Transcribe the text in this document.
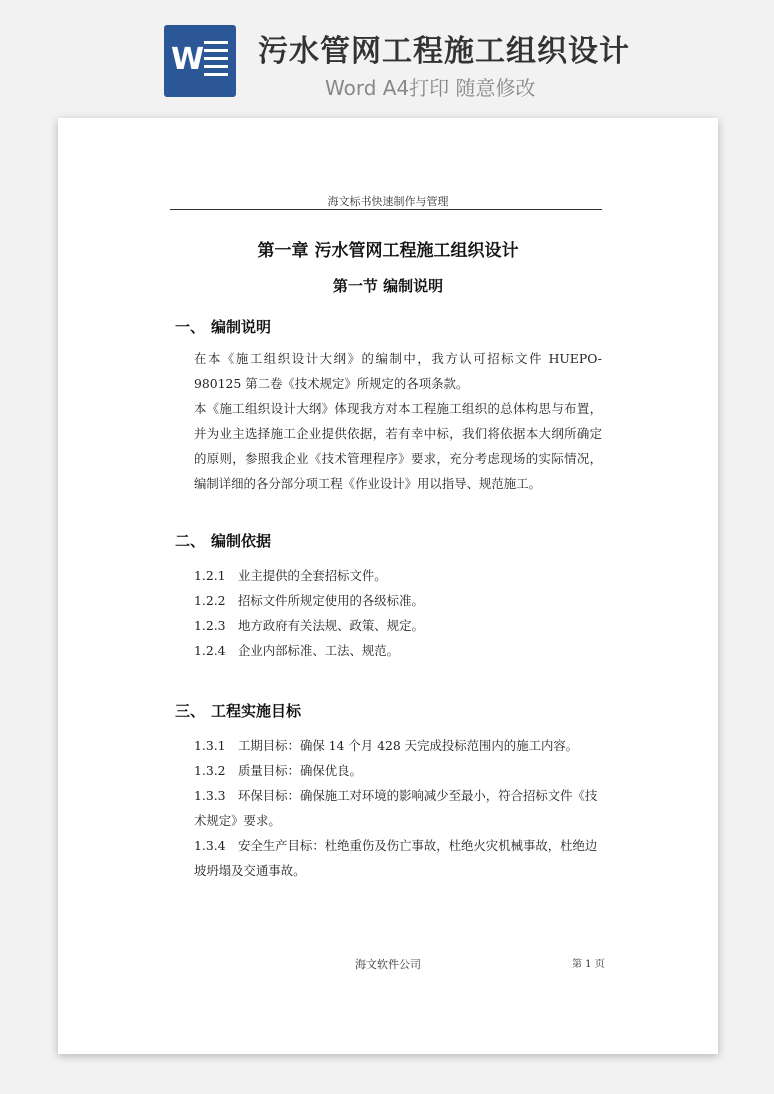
W 污水管网工程施工组织设计
Word A4打印 随意修改
海文标书快速制作与管理
第一章 污水管网工程施工组织设计
第一节 编制说明
一、 编制说明
在本《施工组织设计大纲》的编制中，我方认可招标文件 HUEPO-980125 第二卷《技术规定》所规定的各项条款。
本《施工组织设计大纲》体现我方对本工程施工组织的总体构思与布置，并为业主选择施工企业提供依据，若有幸中标，我们将依据本大纲所确定的原则，参照我企业《技术管理程序》要求，充分考虑现场的实际情况，编制详细的各分部分项工程《作业设计》用以指导、规范施工。
二、 编制依据
1.2.1 业主提供的全套招标文件。
1.2.2 招标文件所规定使用的各级标准。
1.2.3 地方政府有关法规、政策、规定。
1.2.4 企业内部标准、工法、规范。
三、 工程实施目标
1.3.1 工期目标：确保 14 个月 428 天完成投标范围内的施工内容。
1.3.2 质量目标：确保优良。
1.3.3 环保目标：确保施工对环境的影响减少至最小，符合招标文件《技术规定》要求。
1.3.4 安全生产目标：杜绝重伤及伤亡事故，杜绝火灾机械事故，杜绝边坡坍塌及交通事故。
海文软件公司	第 1 页
